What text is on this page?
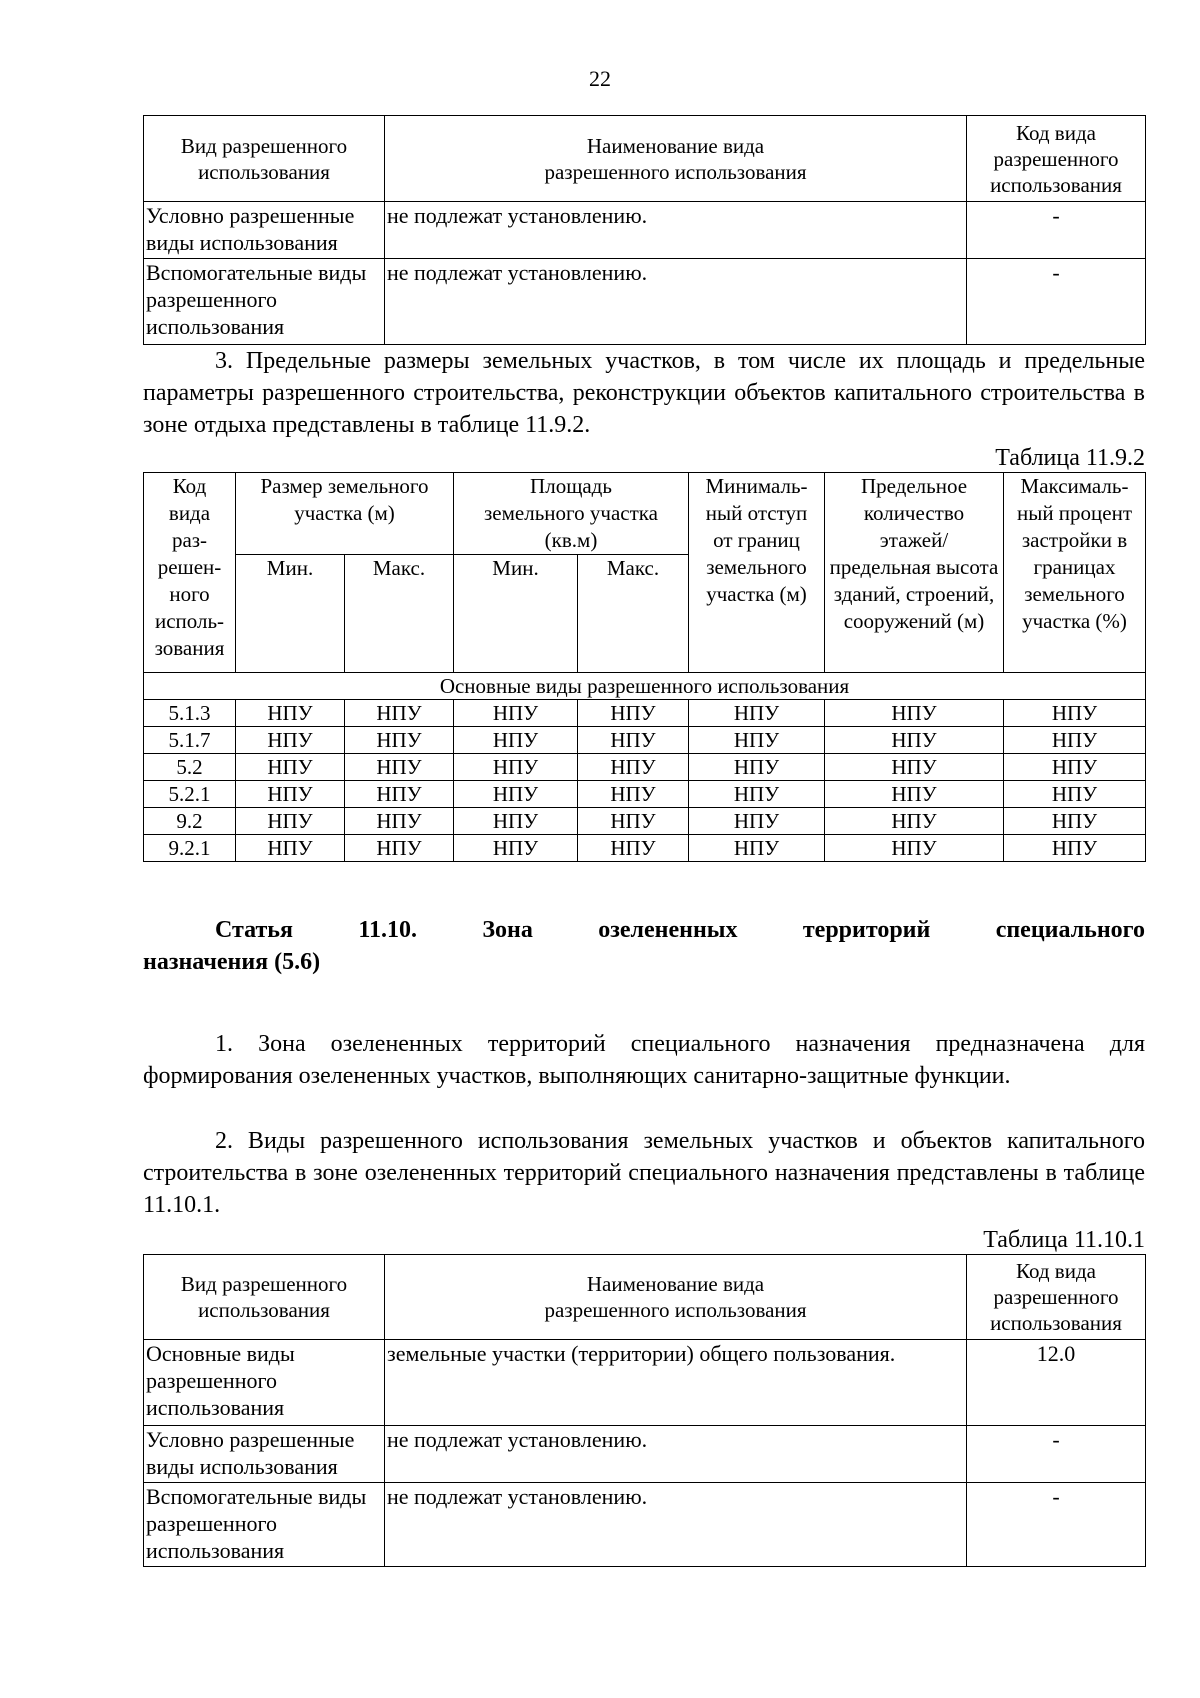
22
Вид разрешенного использования	Наименование вида разрешенного использования	Код вида разрешенного использования
Условно разрешенные виды использования	не подлежат установлению.	-
Вспомогательные виды разрешенного использования	не подлежат установлению.	-
3. Предельные размеры земельных участков, в том числе их площадь и предельные параметры разрешенного строительства, реконструкции объектов капитального строительства в зоне отдыха представлены в таблице 11.9.2.
Таблица 11.9.2
Код вида раз- решен- ного исполь- зования	Размер земельного участка (м)		Площадь земельного участка (кв.м)		Минималь- ный отступ от границ земельного участка (м)	Предельное количество этажей/ предельная высота зданий, строений, сооружений (м)	Максималь- ный процент застройки в границах земельного участка (%)
	Мин.	Макс.	Мин.	Макс.			
Основные виды разрешенного использования							
5.1.3	НПУ	НПУ	НПУ	НПУ	НПУ	НПУ	НПУ
5.1.7	НПУ	НПУ	НПУ	НПУ	НПУ	НПУ	НПУ
5.2	НПУ	НПУ	НПУ	НПУ	НПУ	НПУ	НПУ
5.2.1	НПУ	НПУ	НПУ	НПУ	НПУ	НПУ	НПУ
9.2	НПУ	НПУ	НПУ	НПУ	НПУ	НПУ	НПУ
9.2.1	НПУ	НПУ	НПУ	НПУ	НПУ	НПУ	НПУ
Статья	11.10.	Зона	озелененных	территорий	специального
назначения (5.6)
1. Зона озелененных территорий специального назначения предназначена для формирования озелененных участков, выполняющих санитарно-защитные функции.
2. Виды разрешенного использования земельных участков и объектов капитального строительства в зоне озелененных территорий специального назначения представлены в таблице 11.10.1.
Таблица 11.10.1
Вид разрешенного использования	Наименование вида разрешенного использования	Код вида разрешенного использования
Основные виды разрешенного использования	земельные участки (территории) общего пользования.	12.0
Условно разрешенные виды использования	не подлежат установлению.	-
Вспомогательные виды разрешенного использования	не подлежат установлению.	-
